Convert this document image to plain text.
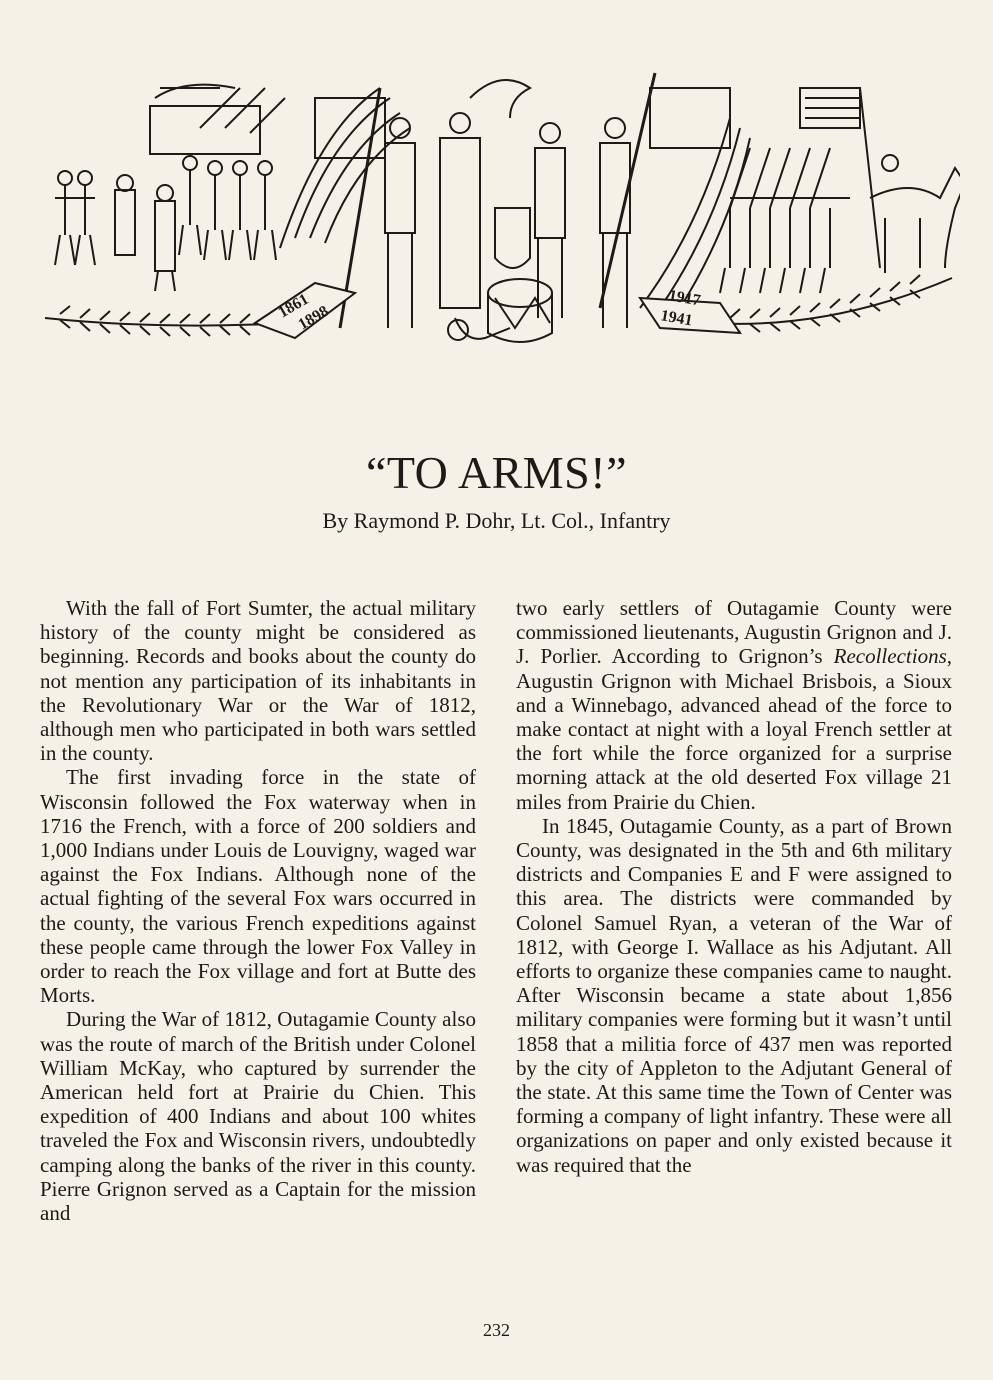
1861
1898
1917
1941
“TO ARMS!”
By Raymond P. Dohr, Lt. Col., Infantry

With the fall of Fort Sumter, the actual military history of the county might be considered as beginning. Records and books about the county do not mention any participation of its inhabitants in the Revolutionary War or the War of 1812, although men who participated in both wars settled in the county.

The first invading force in the state of Wisconsin followed the Fox waterway when in 1716 the French, with a force of 200 soldiers and 1,000 Indians under Louis de Louvigny, waged war against the Fox Indians. Although none of the actual fighting of the several Fox wars occurred in the county, the various French expeditions against these people came through the lower Fox Valley in order to reach the Fox village and fort at Butte des Morts.

During the War of 1812, Outagamie County also was the route of march of the British under Colonel William McKay, who captured by surrender the American held fort at Prairie du Chien. This expedition of 400 Indians and about 100 whites traveled the Fox and Wisconsin rivers, undoubtedly camping along the banks of the river in this county. Pierre Grignon served as a Captain for the mission and

two early settlers of Outagamie County were commissioned lieutenants, Augustin Grignon and J. J. Porlier. According to Grignon’s Recollections, Augustin Grignon with Michael Brisbois, a Sioux and a Winnebago, advanced ahead of the force to make contact at night with a loyal French settler at the fort while the force organized for a surprise morning attack at the old deserted Fox village 21 miles from Prairie du Chien.

In 1845, Outagamie County, as a part of Brown County, was designated in the 5th and 6th military districts and Companies E and F were assigned to this area. The districts were commanded by Colonel Samuel Ryan, a veteran of the War of 1812, with George I. Wallace as his Adjutant. All efforts to organize these companies came to naught. After Wisconsin became a state about 1,856 military companies were forming but it wasn’t until 1858 that a militia force of 437 men was reported by the city of Appleton to the Adjutant General of the state. At this same time the Town of Center was forming a company of light infantry. These were all organizations on paper and only existed because it was required that the

232
